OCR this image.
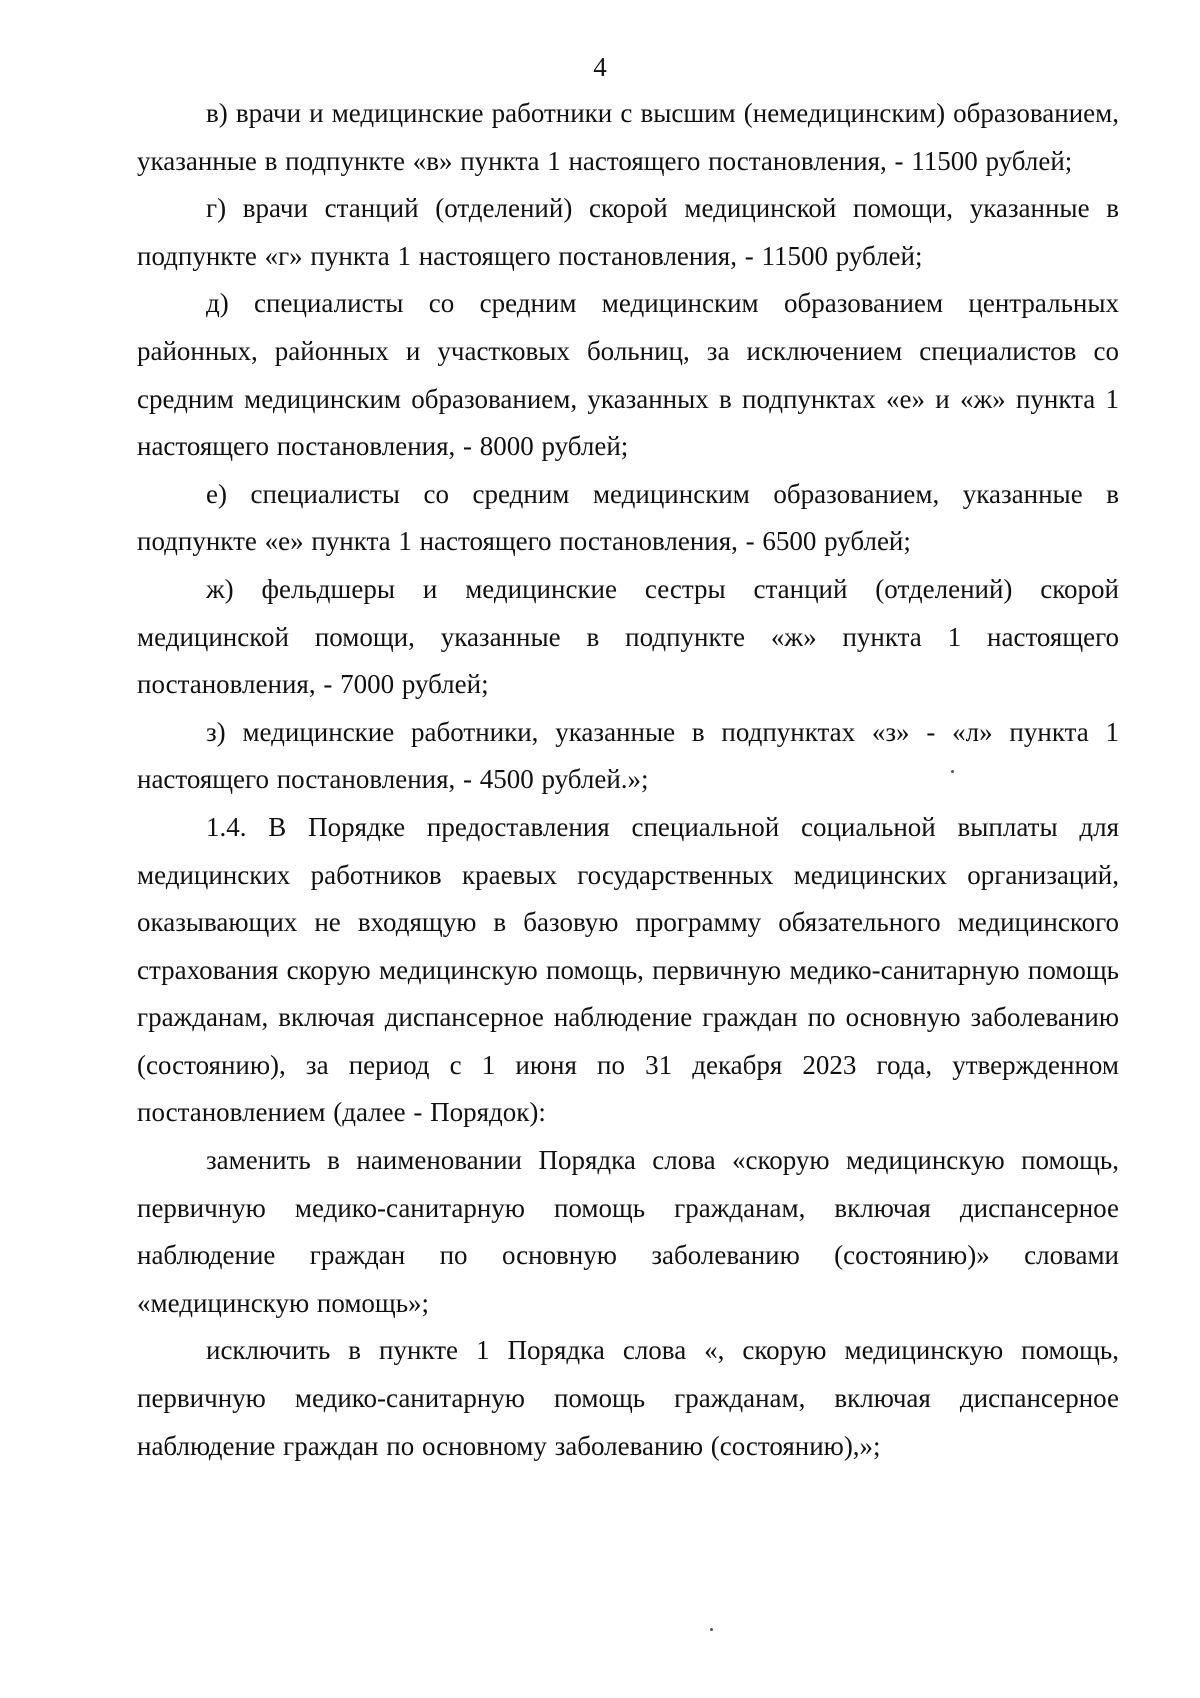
4

в) врачи и медицинские работники с высшим (немедицинским) образованием, указанные в подпункте «в» пункта 1 настоящего постановления, - 11500 рублей;

г) врачи станций (отделений) скорой медицинской помощи, указанные в подпункте «г» пункта 1 настоящего постановления, - 11500 рублей;

д) специалисты со средним медицинским образованием центральных районных, районных и участковых больниц, за исключением специалистов со средним медицинским образованием, указанных в подпунктах «е» и «ж» пункта 1 настоящего постановления, - 8000 рублей;

е) специалисты со средним медицинским образованием, указанные в подпункте «е» пункта 1 настоящего постановления, - 6500 рублей;

ж) фельдшеры и медицинские сестры станций (отделений) скорой медицинской помощи, указанные в подпункте «ж» пункта 1 настоящего постановления, - 7000 рублей;

з) медицинские работники, указанные в подпунктах «з» - «л» пункта 1 настоящего постановления, - 4500 рублей.»;

1.4. В Порядке предоставления специальной социальной выплаты для медицинских работников краевых государственных медицинских организаций, оказывающих не входящую в базовую программу обязательного медицинского страхования скорую медицинскую помощь, первичную медико-санитарную помощь гражданам, включая диспансерное наблюдение граждан по основную заболеванию (состоянию), за период с 1 июня по 31 декабря 2023 года, утвержденном постановлением (далее - Порядок):

заменить в наименовании Порядка слова «скорую медицинскую помощь, первичную медико-санитарную помощь гражданам, включая диспансерное наблюдение граждан по основную заболеванию (состоянию)» словами «медицинскую помощь»;

исключить в пункте 1 Порядка слова «, скорую медицинскую помощь, первичную медико-санитарную помощь гражданам, включая диспансерное наблюдение граждан по основному заболеванию (состоянию),»;
